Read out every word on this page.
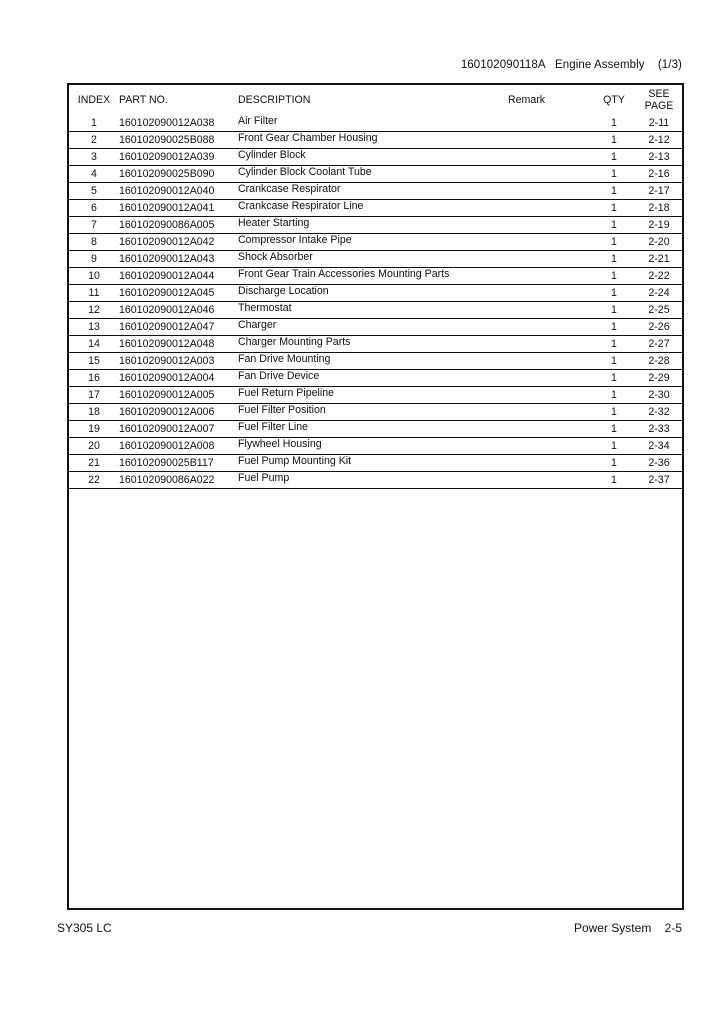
160102090118A Engine Assembly (1/3)
INDEX	PART NO.	DESCRIPTION	Remark	QTY	SEE
PAGE
1	160102090012A038	Air Filter		1	2-11
2	160102090025B088	Front Gear Chamber Housing		1	2-12
3	160102090012A039	Cylinder Block		1	2-13
4	160102090025B090	Cylinder Block Coolant Tube		1	2-16
5	160102090012A040	Crankcase Respirator		1	2-17
6	160102090012A041	Crankcase Respirator Line		1	2-18
7	160102090086A005	Heater Starting		1	2-19
8	160102090012A042	Compressor Intake Pipe		1	2-20
9	160102090012A043	Shock Absorber		1	2-21
10	160102090012A044	Front Gear Train Accessories Mounting Parts		1	2-22
11	160102090012A045	Discharge Location		1	2-24
12	160102090012A046	Thermostat		1	2-25
13	160102090012A047	Charger		1	2-26
14	160102090012A048	Charger Mounting Parts		1	2-27
15	160102090012A003	Fan Drive Mounting		1	2-28
16	160102090012A004	Fan Drive Device		1	2-29
17	160102090012A005	Fuel Return Pipeline		1	2-30
18	160102090012A006	Fuel Filter Position		1	2-32
19	160102090012A007	Fuel Filter Line		1	2-33
20	160102090012A008	Flywheel Housing		1	2-34
21	160102090025B117	Fuel Pump Mounting Kit		1	2-36
22	160102090086A022	Fuel Pump		1	2-37
SY305 LC	Power System 2-5
